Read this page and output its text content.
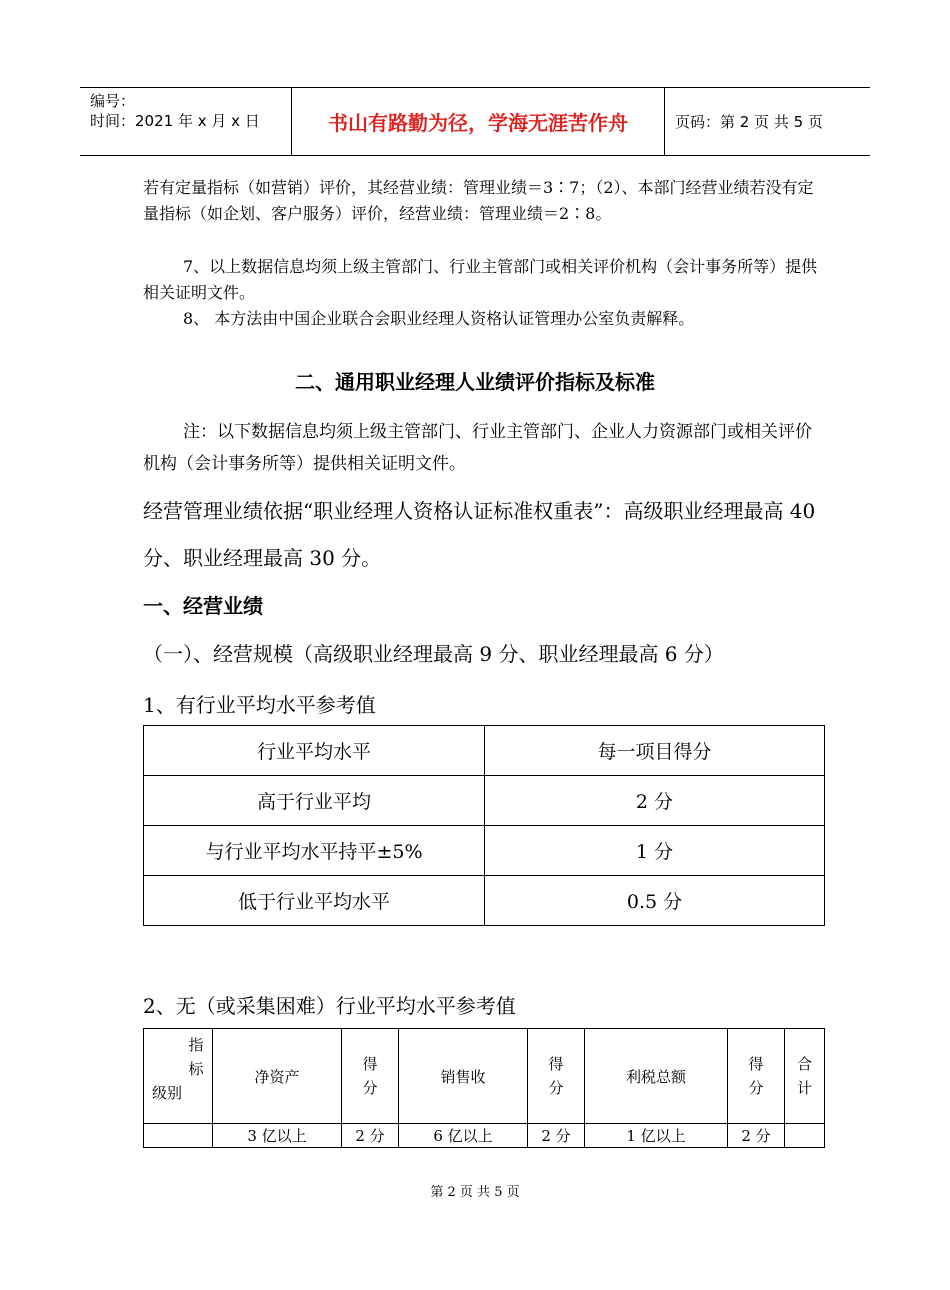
编号：
时间：2021 年 x 月 x 日	书山有路勤为径，学海无涯苦作舟	页码：第 2 页 共 5 页
若有定量指标（如营销）评价，其经营业绩：管理业绩＝3∶7；（2）、本部门经营业绩若没有定量指标（如企划、客户服务）评价，经营业绩：管理业绩＝2∶8。
7、以上数据信息均须上级主管部门、行业主管部门或相关评价机构（会计事务所等）提供相关证明文件。
8、 本方法由中国企业联合会职业经理人资格认证管理办公室负责解释。
二、通用职业经理人业绩评价指标及标准
注：以下数据信息均须上级主管部门、行业主管部门、企业人力资源部门或相关评价机构（会计事务所等）提供相关证明文件。
经营管理业绩依据“职业经理人资格认证标准权重表”：高级职业经理最高 40 分、职业经理最高 30 分。
一、经营业绩
（一）、经营规模（高级职业经理最高 9 分、职业经理最高 6 分）
1、有行业平均水平参考值
行业平均水平	每一项目得分
高于行业平均	2 分
与行业平均水平持平±5%	1 分
低于行业平均水平	0.5 分
2、无（或采集困难）行业平均水平参考值
指标
级别	净资产	得分	销售收	得分	利税总额	得分	合计
	3 亿以上	2 分	6 亿以上	2 分	1 亿以上	2 分	
第 2 页 共 5 页
